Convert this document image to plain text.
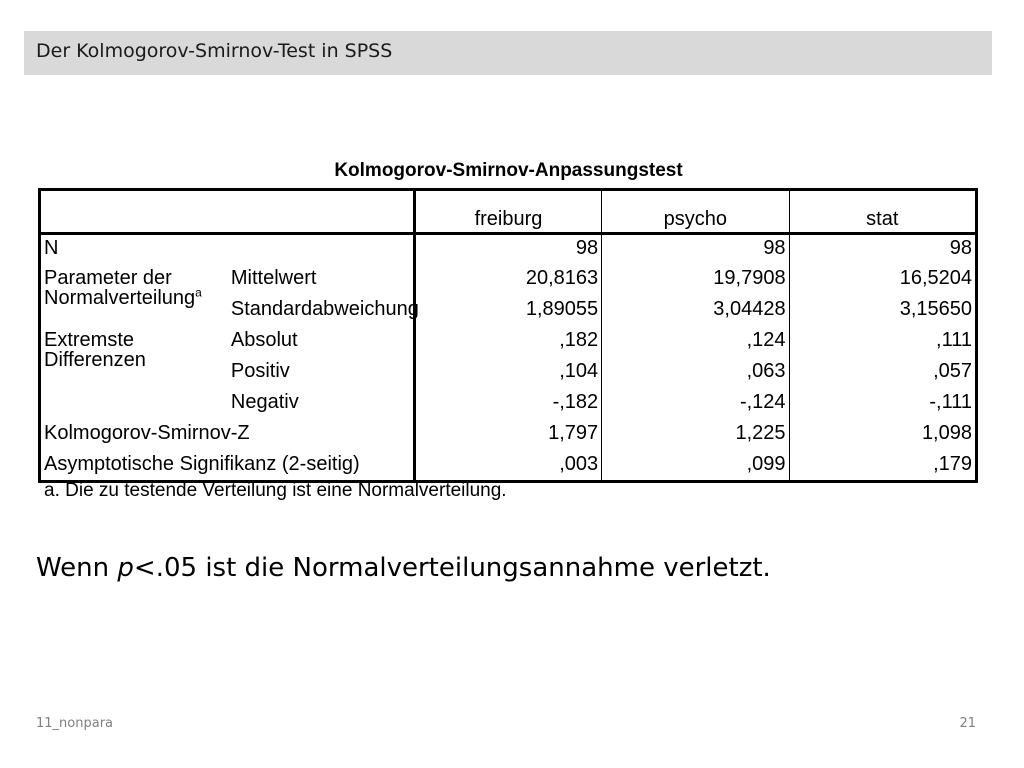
Der Kolmogorov-Smirnov-Test in SPSS
Kolmogorov-Smirnov-Anpassungstest
		freiburg	psycho	stat
N		98	98	98
Parameter der Normalverteilung$^a$	Mittelwert	20,8163	19,7908	16,5204
	Standardabweichung	1,89055	3,04428	3,15650
Extremste Differenzen	Absolut	,182	,124	,111
	Positiv	,104	,063	,057
	Negativ	-,182	-,124	-,111
Kolmogorov-Smirnov-Z		1,797	1,225	1,098
Asymptotische Signifikanz (2-seitig)		,003	,099	,179
a. Die zu testende Verteilung ist eine Normalverteilung.
Wenn p<.05 ist die Normalverteilungsannahme verletzt.
11_nonpara	21
